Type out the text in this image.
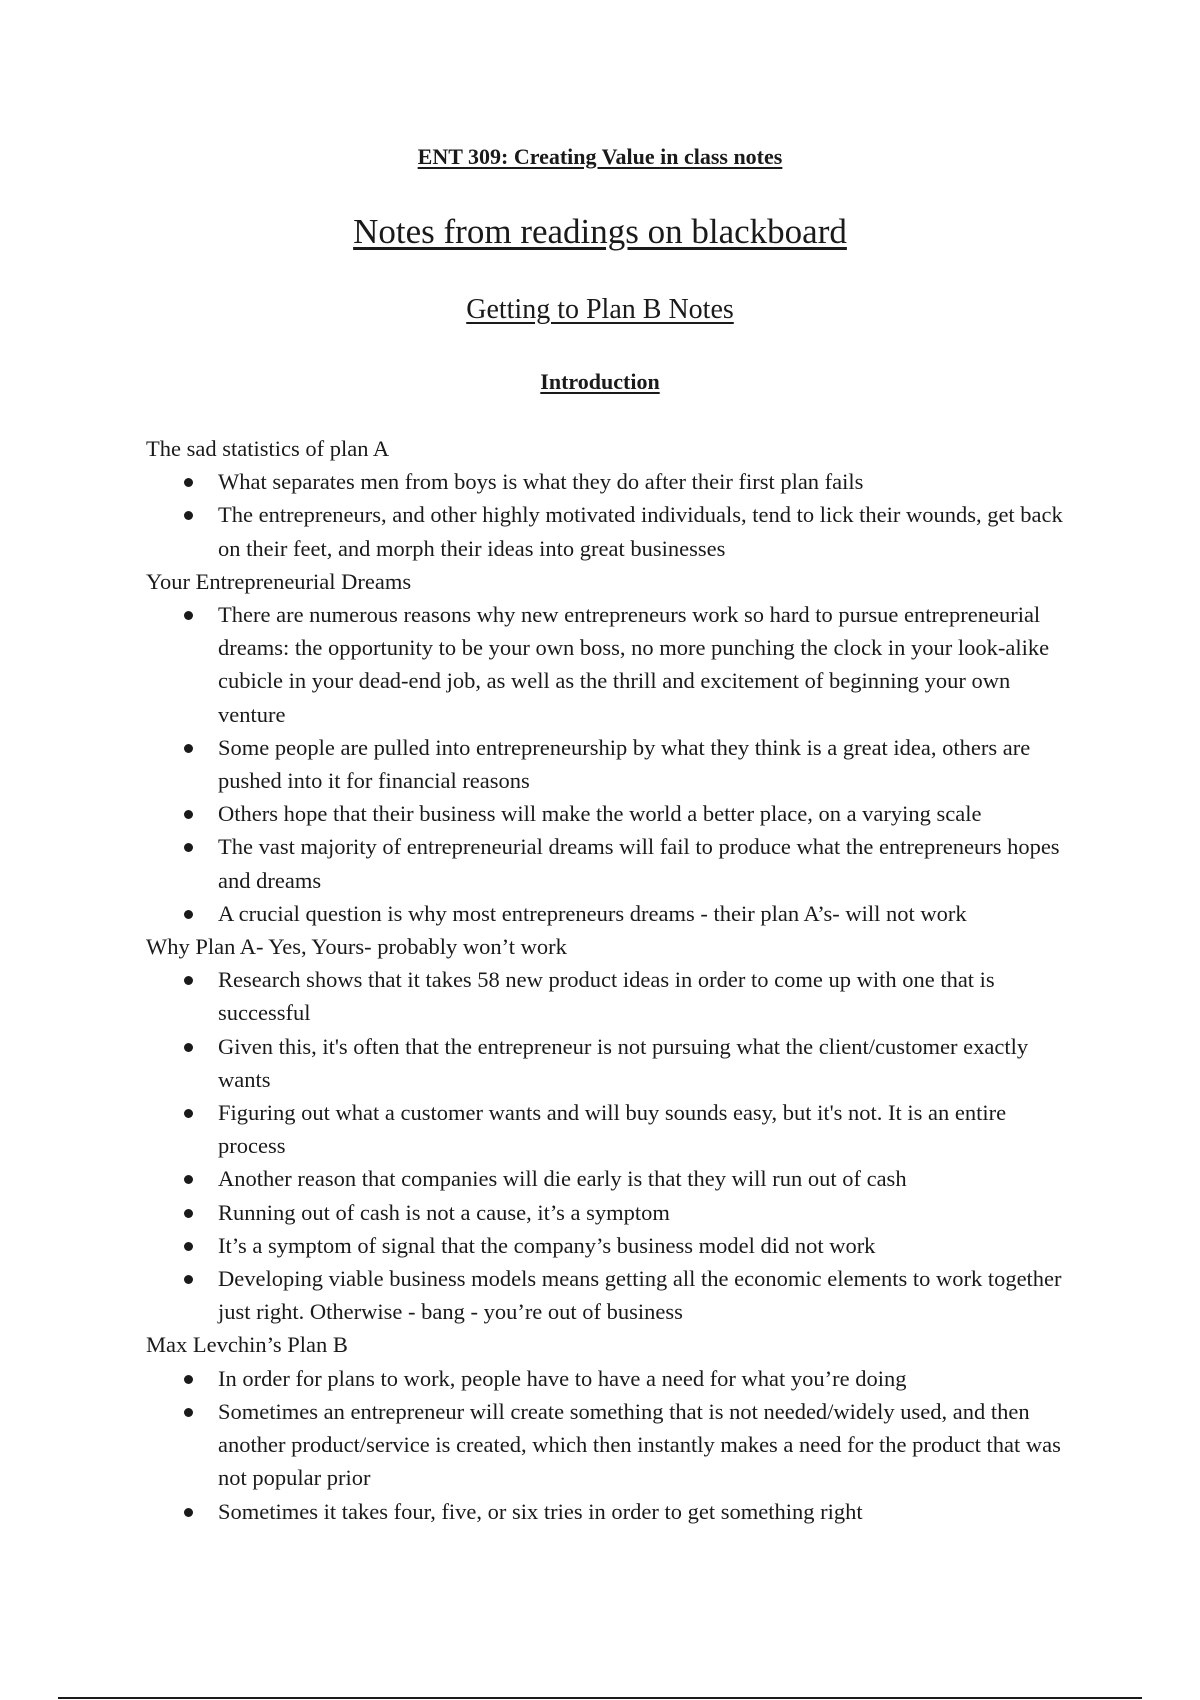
ENT 309: Creating Value in class notes
Notes from readings on blackboard
Getting to Plan B Notes
Introduction

The sad statistics of plan A

What separates men from boys is what they do after their first plan fails
The entrepreneurs, and other highly motivated individuals, tend to lick their wounds, get back on their feet, and morph their ideas into great businesses

Your Entrepreneurial Dreams

There are numerous reasons why new entrepreneurs work so hard to pursue entrepreneurial dreams: the opportunity to be your own boss, no more punching the clock in your look-alike cubicle in your dead-end job, as well as the thrill and excitement of beginning your own venture
Some people are pulled into entrepreneurship by what they think is a great idea, others are pushed into it for financial reasons
Others hope that their business will make the world a better place, on a varying scale
The vast majority of entrepreneurial dreams will fail to produce what the entrepreneurs hopes and dreams
A crucial question is why most entrepreneurs dreams - their plan A’s- will not work

Why Plan A- Yes, Yours- probably won’t work

Research shows that it takes 58 new product ideas in order to come up with one that is successful
Given this, it's often that the entrepreneur is not pursuing what the client/customer exactly wants
Figuring out what a customer wants and will buy sounds easy, but it's not. It is an entire process
Another reason that companies will die early is that they will run out of cash
Running out of cash is not a cause, it’s a symptom
It’s a symptom of signal that the company’s business model did not work
Developing viable business models means getting all the economic elements to work together just right. Otherwise - bang - you’re out of business

Max Levchin’s Plan B

In order for plans to work, people have to have a need for what you’re doing
Sometimes an entrepreneur will create something that is not needed/widely used, and then another product/service is created, which then instantly makes a need for the product that was not popular prior
Sometimes it takes four, five, or six tries in order to get something right
